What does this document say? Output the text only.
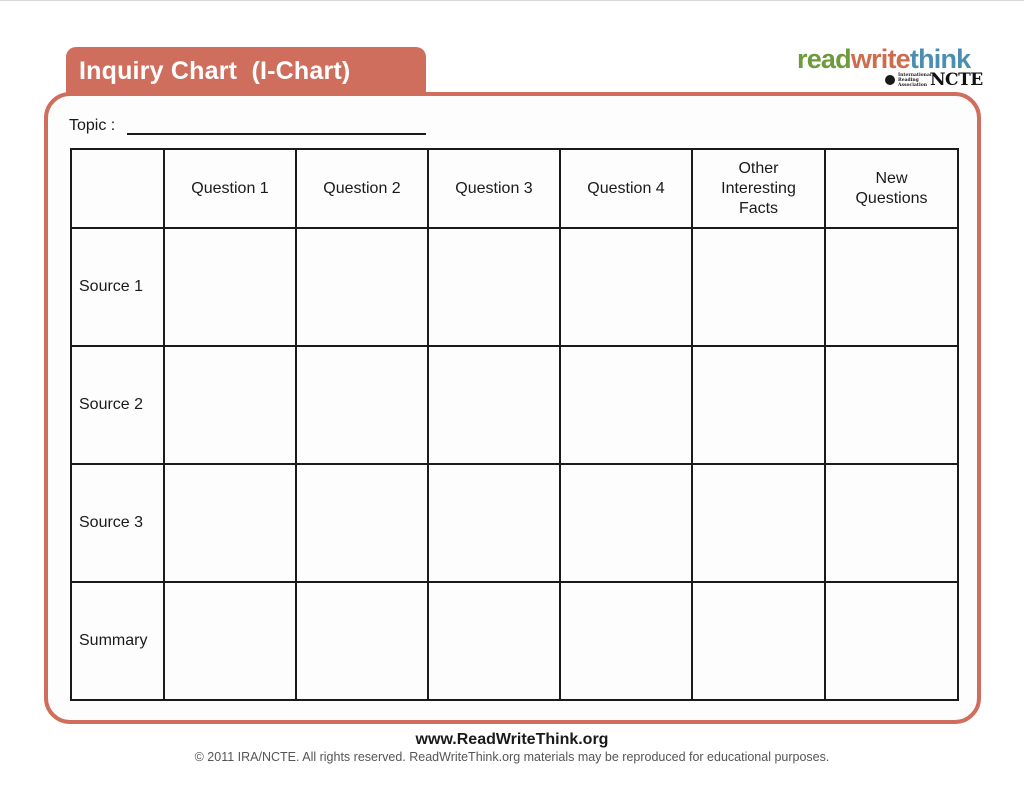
Inquiry Chart  (I-Chart)	readwritethink
International
Reading
Association NCTE
Topic :
	Question 1	Question 2	Question 3	Question 4	Other Interesting Facts	New Questions
Source 1						
Source 2						
Source 3						
Summary						
www.ReadWriteThink.org
© 2011 IRA/NCTE. All rights reserved. ReadWriteThink.org materials may be reproduced for educational purposes.
